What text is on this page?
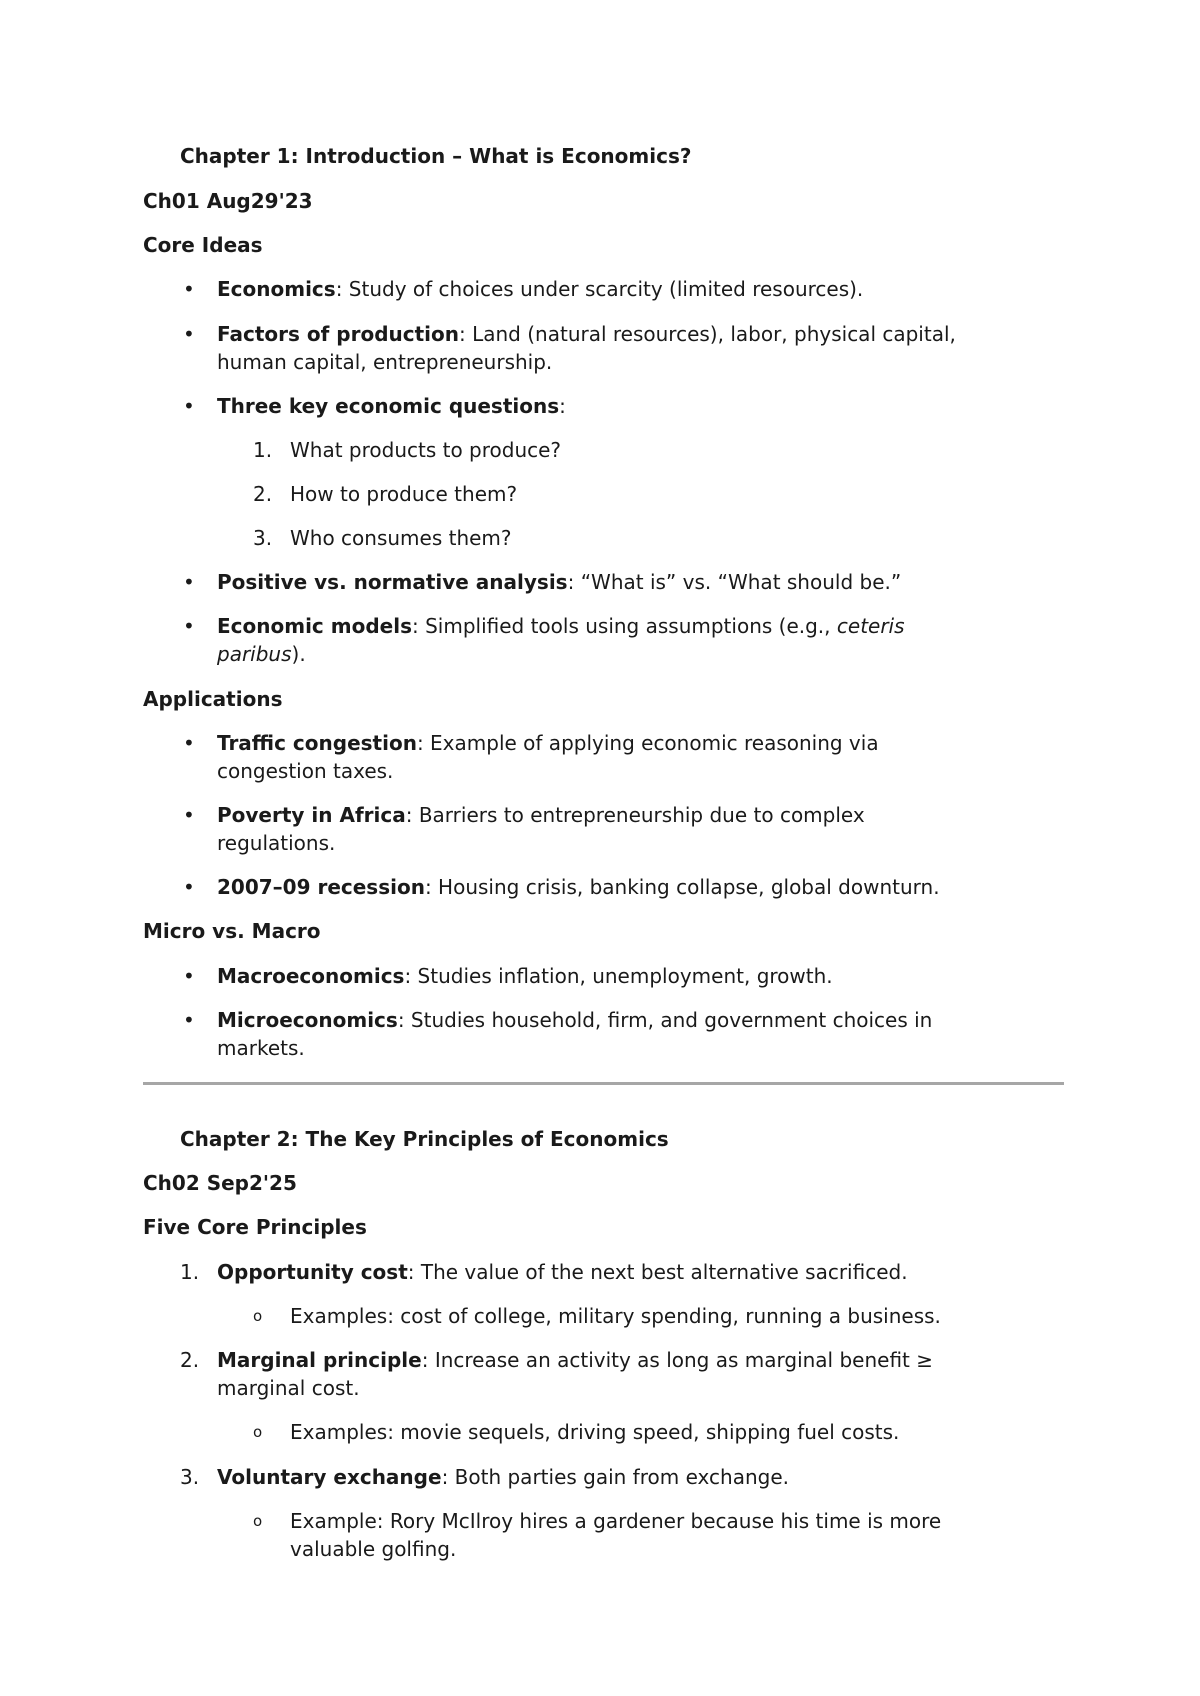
Chapter 1: Introduction – What is Economics?
Ch01 Aug29'23
Core Ideas
• Economics: Study of choices under scarcity (limited resources).
• Factors of production: Land (natural resources), labor, physical capital,
human capital, entrepreneurship.
• Three key economic questions:
1. What products to produce?
2. How to produce them?
3. Who consumes them?
• Positive vs. normative analysis: “What is” vs. “What should be.”
• Economic models: Simplified tools using assumptions (e.g., ceteris
paribus).
Applications
• Traffic congestion: Example of applying economic reasoning via
congestion taxes.
• Poverty in Africa: Barriers to entrepreneurship due to complex
regulations.
• 2007–09 recession: Housing crisis, banking collapse, global downturn.
Micro vs. Macro
• Macroeconomics: Studies inflation, unemployment, growth.
• Microeconomics: Studies household, firm, and government choices in
markets.
Chapter 2: The Key Principles of Economics
Ch02 Sep2'25
Five Core Principles
1. Opportunity cost: The value of the next best alternative sacrificed.
o Examples: cost of college, military spending, running a business.
2. Marginal principle: Increase an activity as long as marginal benefit ≥
marginal cost.
o Examples: movie sequels, driving speed, shipping fuel costs.
3. Voluntary exchange: Both parties gain from exchange.
o Example: Rory McIlroy hires a gardener because his time is more
valuable golfing.
